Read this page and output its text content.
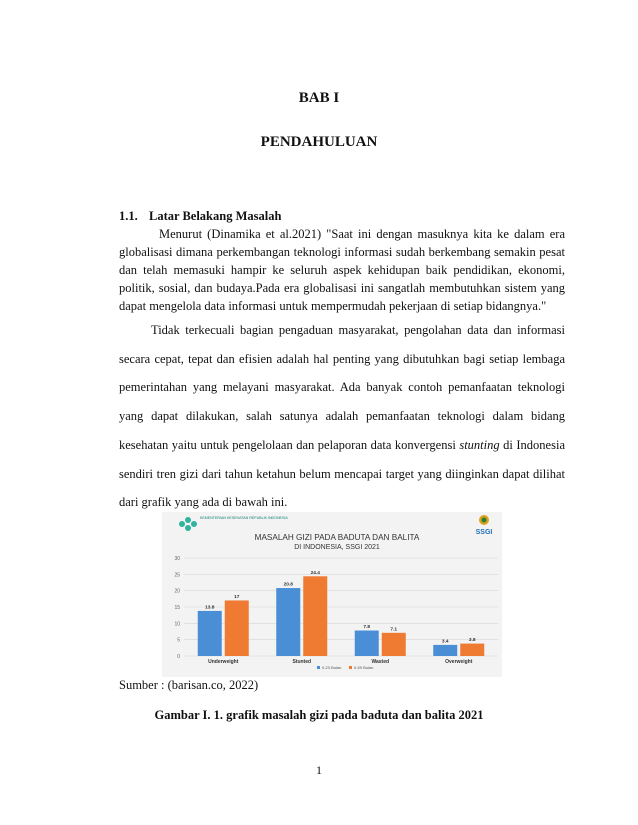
BAB I
PENDAHULUAN
1.1. Latar Belakang Masalah
Menurut (Dinamika et al.2021) "Saat ini dengan masuknya kita ke dalam era globalisasi dimana perkembangan teknologi informasi sudah berkembang semakin pesat dan telah memasuki hampir ke seluruh aspek kehidupan baik pendidikan, ekonomi, politik, sosial, dan budaya.Pada era globalisasi ini sangatlah membutuhkan sistem yang dapat mengelola data informasi untuk mempermudah pekerjaan di setiap bidangnya."
Tidak terkecuali bagian pengaduan masyarakat, pengolahan data dan informasi secara cepat, tepat dan efisien adalah hal penting yang dibutuhkan bagi setiap lembaga pemerintahan yang melayani masyarakat. Ada banyak contoh pemanfaatan teknologi yang dapat dilakukan, salah satunya adalah pemanfaatan teknologi dalam bidang kesehatan yaitu untuk pengelolaan dan pelaporan data konvergensi stunting di Indonesia sendiri tren gizi dari tahun ketahun belum mencapai target yang diinginkan dapat dilihat dari grafik yang ada di bawah ini.
KEMENTERIAN KESEHATAN REPUBLIK INDONESIA
SSGI
MASALAH GIZI PADA BADUTA DAN BALITA
DI INDONESIA, SSGI 2021
13.8
17
20.8
24.4
7.8	7.1
3.4	3.8
0
5
10
15
20
25
30
Underweight	Stunted	Wasted	Overweight
0-23 Bulan	0-59 Bulan
Sumber : (barisan.co, 2022)
Gambar I. 1. grafik masalah gizi pada baduta dan balita 2021
1
